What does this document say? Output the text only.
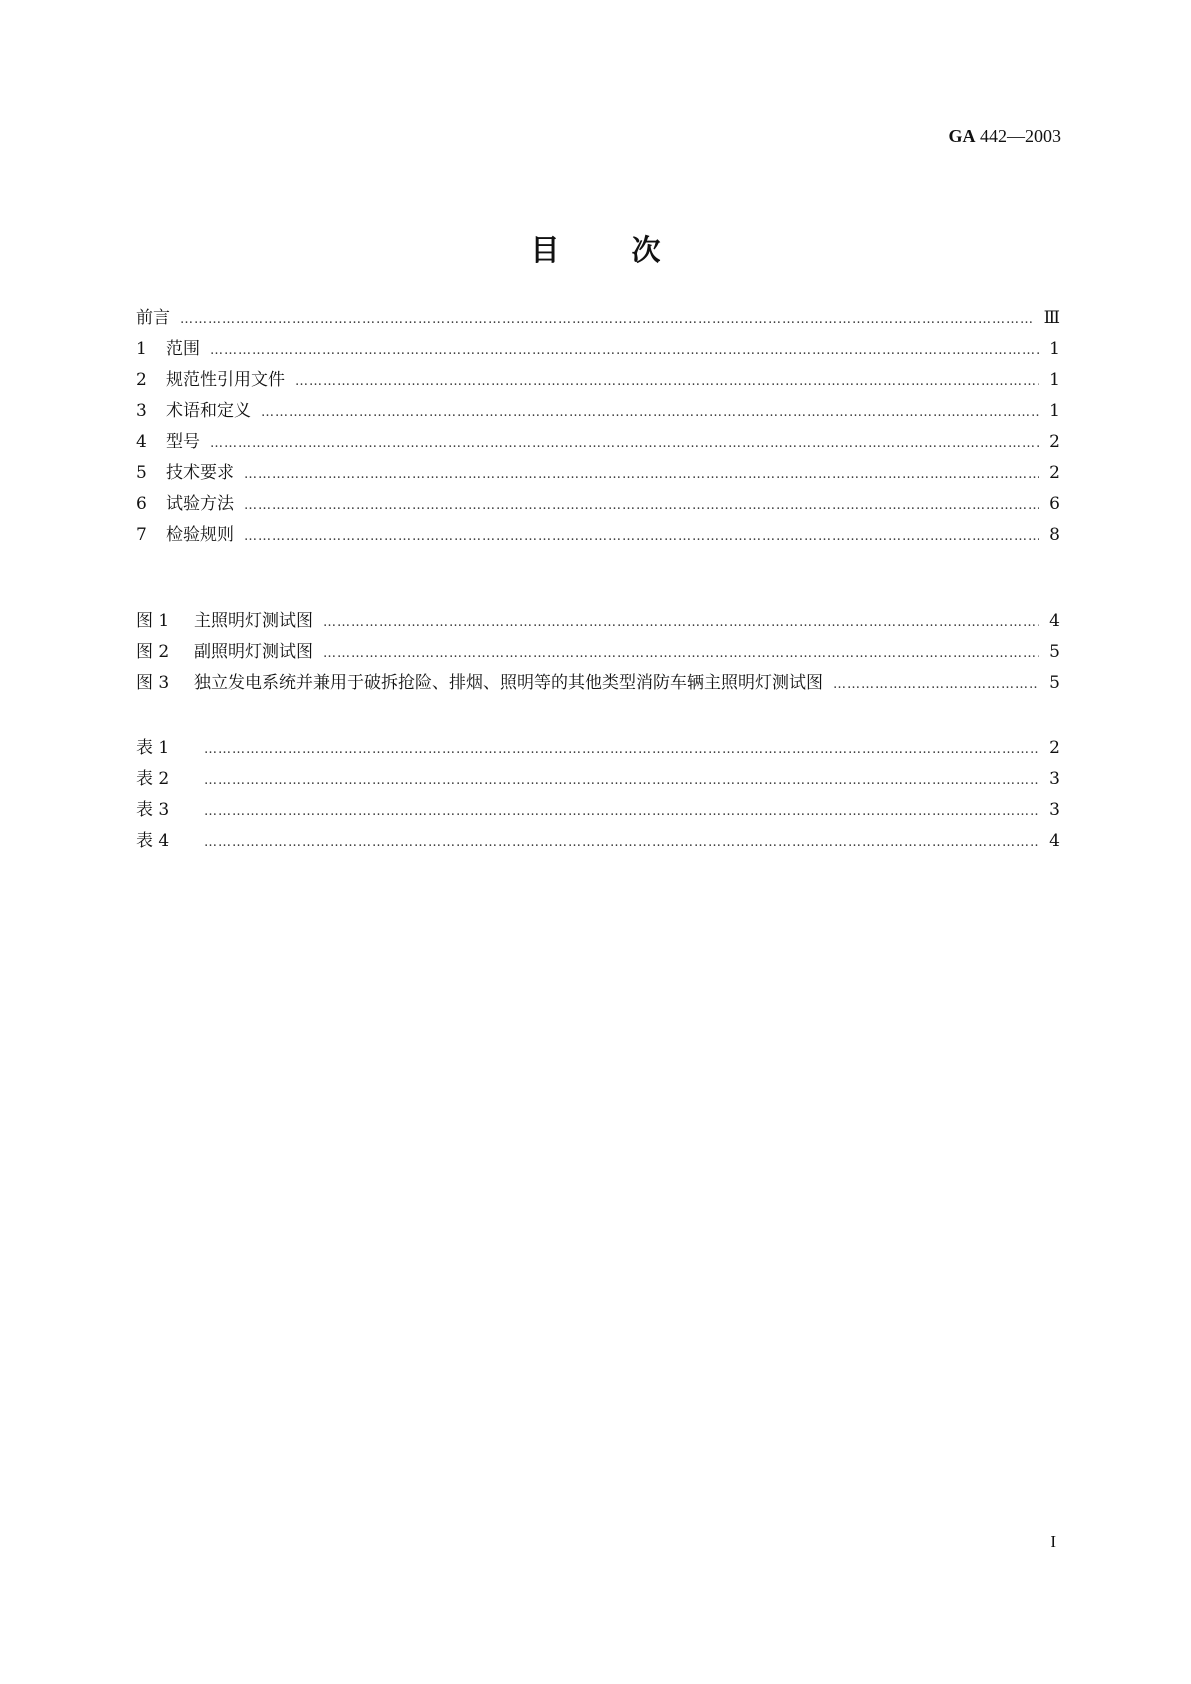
GA 442—2003
目 次
前言 …………………………………………………………………………………………………………………………………………………………………………………………………………………………	Ⅲ
1	范围 …………………………………………………………………………………………………………………………………………………………………………………………………………………………	1
2	规范性引用文件 …………………………………………………………………………………………………………………………………………………………………………………………………………………………	1
3	术语和定义 …………………………………………………………………………………………………………………………………………………………………………………………………………………………	1
4	型号 …………………………………………………………………………………………………………………………………………………………………………………………………………………………	2
5	技术要求 …………………………………………………………………………………………………………………………………………………………………………………………………………………………	2
6	试验方法 …………………………………………………………………………………………………………………………………………………………………………………………………………………………	6
7	检验规则 …………………………………………………………………………………………………………………………………………………………………………………………………………………………	8
图 1	主照明灯测试图 …………………………………………………………………………………………………………………………………………………………………………………………………………………………	4
图 2	副照明灯测试图 …………………………………………………………………………………………………………………………………………………………………………………………………………………………	5
图 3	独立发电系统并兼用于破拆抢险、排烟、照明等的其他类型消防车辆主照明灯测试图 …………………………………………………………………………………………………………………………………………………………………………………………………………………………	5
表 1 …………………………………………………………………………………………………………………………………………………………………………………………………………………………	2
表 2 …………………………………………………………………………………………………………………………………………………………………………………………………………………………	3
表 3 …………………………………………………………………………………………………………………………………………………………………………………………………………………………	3
表 4 …………………………………………………………………………………………………………………………………………………………………………………………………………………………	4
I
